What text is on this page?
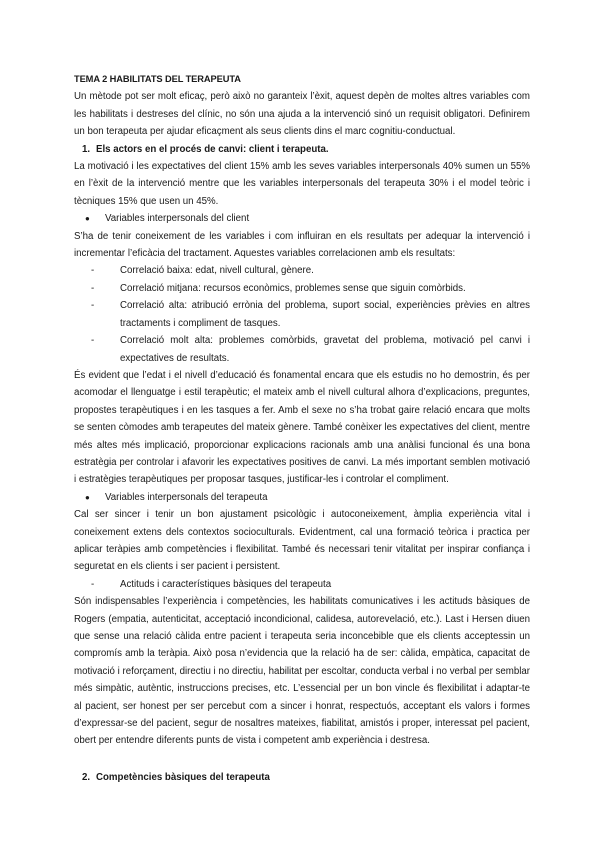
TEMA 2 HABILITATS DEL TERAPEUTA

Un mètode pot ser molt eficaç, però això no garanteix l’èxit, aquest depèn de moltes altres variables com les habilitats i destreses del clínic, no són una ajuda a la intervenció sinó un requisit obligatori. Definirem un bon terapeuta per ajudar eficaçment als seus clients dins el marc cognitiu-conductual.

1. Els actors en el procés de canvi: client i terapeuta.

La motivació i les expectatives del client 15% amb les seves variables interpersonals 40% sumen un 55% en l’èxit de la intervenció mentre que les variables interpersonals del terapeuta 30% i el model teòric i tècniques 15% que usen un 45%.

●	Variables interpersonals del client

S’ha de tenir coneixement de les variables i com influiran en els resultats per adequar la intervenció i incrementar l’eficàcia del tractament. Aquestes variables correlacionen amb els resultats:

-	Correlació baixa: edat, nivell cultural, gènere.
-	Correlació mitjana: recursos econòmics, problemes sense que siguin comòrbids.
-	Correlació alta: atribució errònia del problema, suport social, experiències prèvies en altres tractaments i compliment de tasques.
-	Correlació molt alta: problemes comòrbids, gravetat del problema, motivació pel canvi i expectatives de resultats.

És evident que l’edat i el nivell d’educació és fonamental encara que els estudis no ho demostrin, és per acomodar el llenguatge i estil terapèutic; el mateix amb el nivell cultural alhora d’explicacions, preguntes, propostes terapèutiques i en les tasques a fer. Amb el sexe no s’ha trobat gaire relació encara que molts se senten còmodes amb terapeutes del mateix gènere. També conèixer les expectatives del client, mentre més altes més implicació, proporcionar explicacions racionals amb una anàlisi funcional és una bona estratègia per controlar i afavorir les expectatives positives de canvi. La més important semblen motivació i estratègies terapèutiques per proposar tasques, justificar-les i controlar el compliment.

●	Variables interpersonals del terapeuta

Cal ser sincer i tenir un bon ajustament psicològic i autoconeixement, àmplia experiència vital i coneixement extens dels contextos socioculturals. Evidentment, cal una formació teòrica i practica per aplicar teràpies amb competències i flexibilitat. També és necessari tenir vitalitat per inspirar confiança i seguretat en els clients i ser pacient i persistent.

-	Actituds i característiques bàsiques del terapeuta

Són indispensables l’experiència i competències, les habilitats comunicatives i les actituds bàsiques de Rogers (empatia, autenticitat, acceptació incondicional, calidesa, autorevelació, etc.). Last i Hersen diuen que sense una relació càlida entre pacient i terapeuta seria inconcebible que els clients acceptessin un compromís amb la teràpia. Això posa n’evidencia que la relació ha de ser: càlida, empàtica, capacitat de motivació i reforçament, directiu i no directiu, habilitat per escoltar, conducta verbal i no verbal per semblar més simpàtic, autèntic, instruccions precises, etc. L’essencial per un bon vincle és flexibilitat i adaptar-te al pacient, ser honest per ser percebut com a sincer i honrat, respectuós, acceptant els valors i formes d’expressar-se del pacient, segur de nosaltres mateixes, fiabilitat, amistós i proper, interessat pel pacient, obert per entendre diferents punts de vista i competent amb experiència i destresa.

2. Competències bàsiques del terapeuta
